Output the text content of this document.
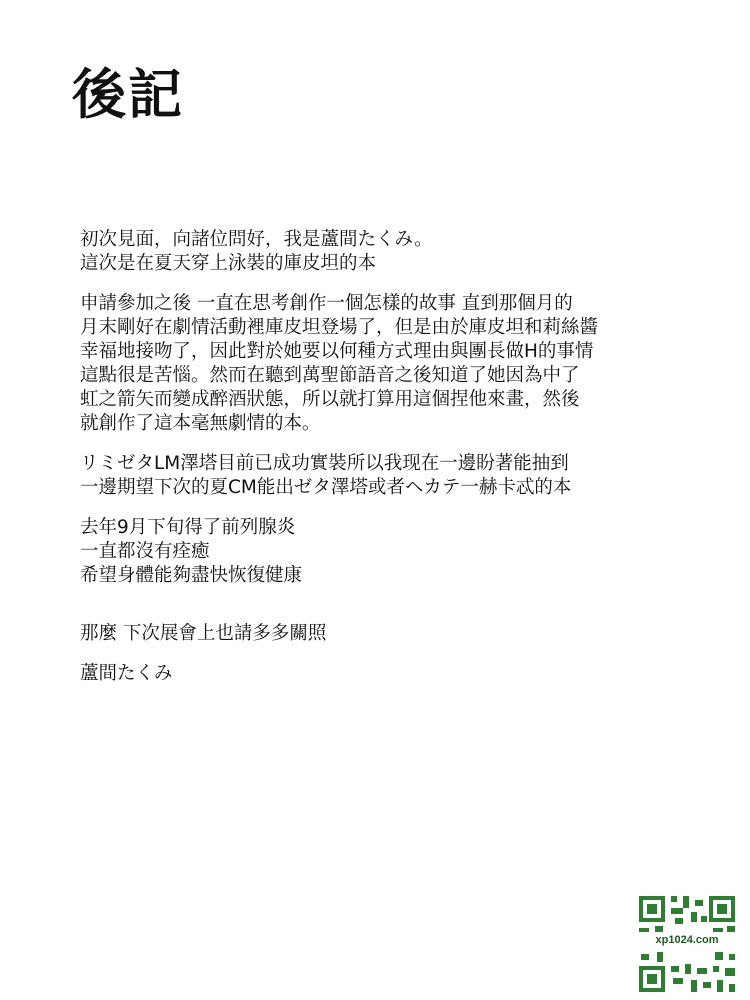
後記

初次見面，向諸位問好，我是蘆間たくみ。
這次是在夏天穿上泳裝的庫皮坦的本

申請參加之後 一直在思考創作一個怎樣的故事 直到那個月的
月末剛好在劇情活動裡庫皮坦登場了，但是由於庫皮坦和莉絲醬
幸福地接吻了，因此對於她要以何種方式理由與團長做H的事情
這點很是苦惱。然而在聽到萬聖節語音之後知道了她因為中了
虹之箭矢而變成醉酒狀態，所以就打算用這個捏他來畫，然後
就創作了這本毫無劇情的本。

リミゼタLM澤塔目前已成功實裝所以我现在一邊盼著能抽到
一邊期望下次的夏CM能出ゼタ澤塔或者ヘカテ一赫卡忒的本

去年9月下旬得了前列腺炎
一直都沒有痊癒
希望身體能夠盡快恢復健康

那麼 下次展會上也請多多關照

蘆間たくみ

xp1024.com
